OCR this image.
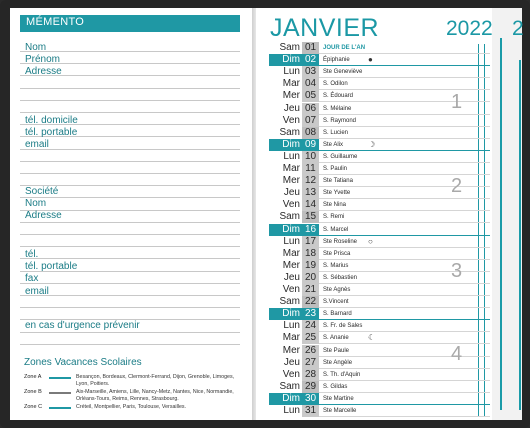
MÉMENTO
Nom
Prénom
Adresse
tél. domicile
tél. portable
email
Société
Nom
Adresse
tél.
tél. portable
fax
email
en cas d'urgence prévenir
Zones Vacances Scolaires
Zone A	Besançon, Bordeaux, Clermont-Ferrand, Dijon, Grenoble, Limoges, Lyon, Poitiers.
Zone B	Aix-Marseille, Amiens, Lille, Nancy-Metz, Nantes, Nice, Normandie, Orléans-Tours, Reims, Rennes, Strasbourg.
Zone C	Créteil, Montpellier, Paris, Toulouse, Versailles.
JANVIER	2022 2
Sam 01	JOUR DE L'AN
Dim 02	Épiphanie ●
Lun 03	Ste Geneviève
Mar 04	S. Odilon
Mer 05	S. Édouard
Jeu 06	S. Mélaine
Ven 07	S. Raymond
Sam 08	S. Lucien
Dim 09	Ste Alix	☽
Lun 10	S. Guillaume
Mar 11	S. Paulin
Mer 12	Ste Tatiana
Jeu 13	Ste Yvette
Ven 14	Ste Nina
Sam 15	S. Remi
Dim 16	S. Marcel
Lun 17	Ste Roseline ○
Mar 18	Ste Prisca
Mer 19	S. Marius
Jeu 20	S. Sébastien
Ven 21	Ste Agnès
Sam 22	S.Vincent
Dim 23	S. Barnard
Lun 24	S. Fr. de Sales
Mar 25	S. Ananie ☾
Mer 26	Ste Paule
Jeu 27	Ste Angèle
Ven 28	S. Th. d'Aquin
Sam 29	S. Gildas
Dim 30	Ste Martine
Lun 31	Ste Marcelle
1
2
3
4
